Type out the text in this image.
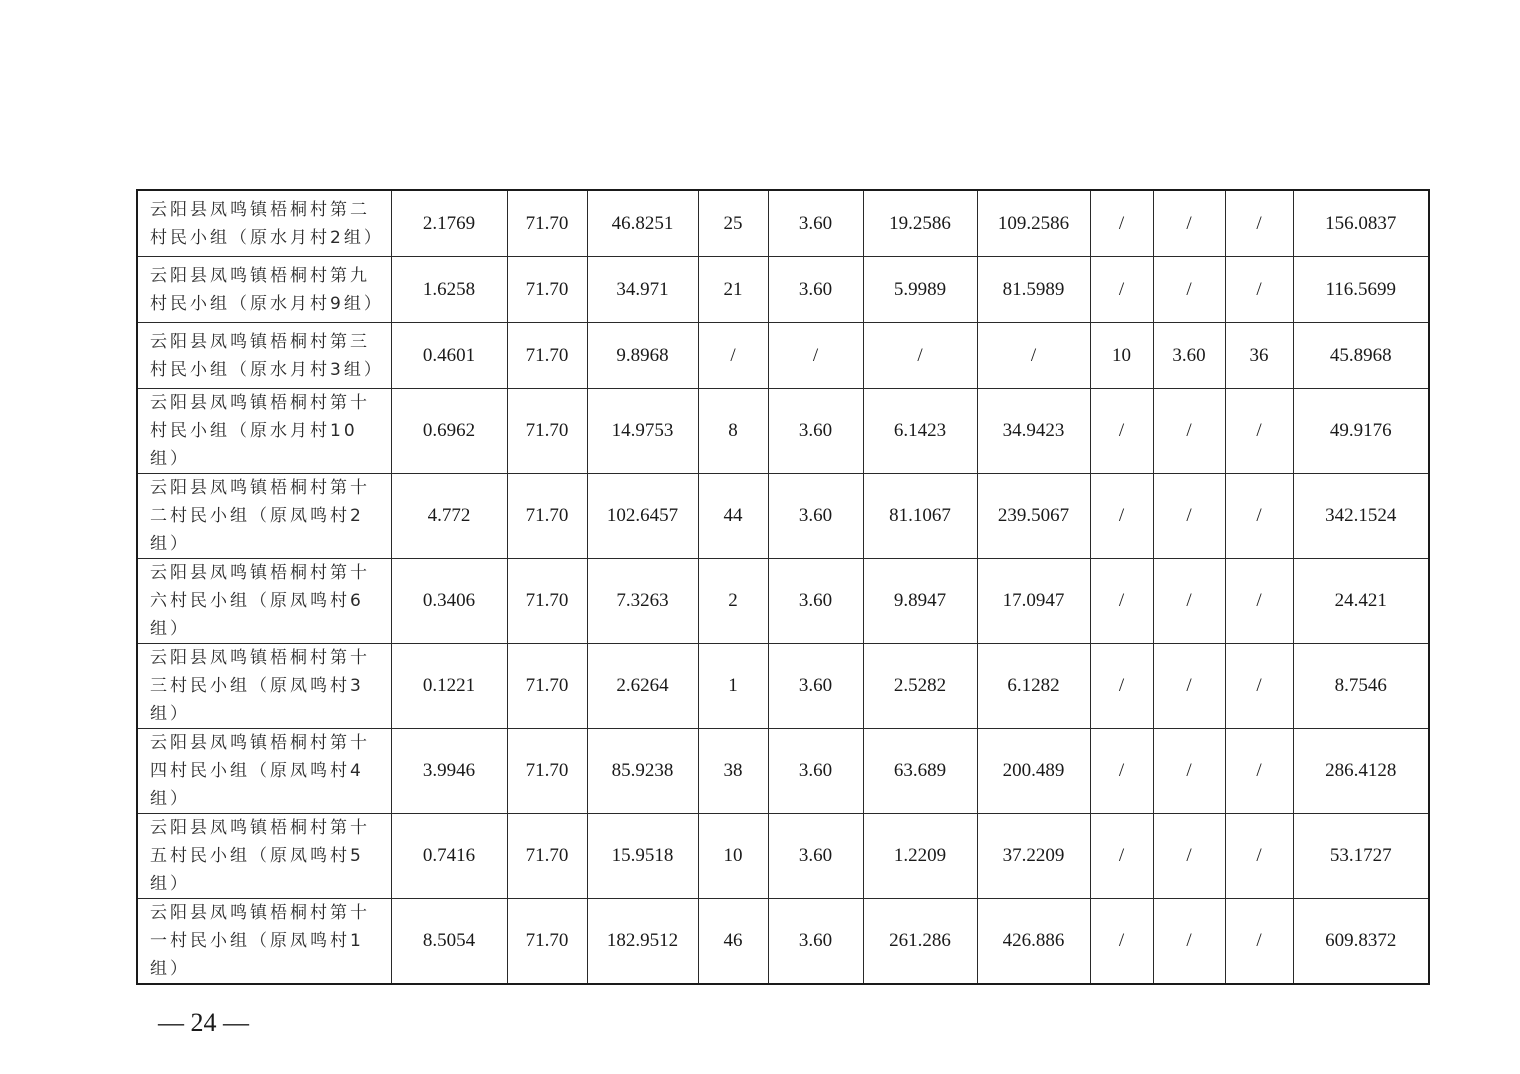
云阳县凤鸣镇梧桐村第二村民小组（原水月村2组）	2.1769	71.70	46.8251	25	3.60	19.2586	109.2586	/	/	/	156.0837
云阳县凤鸣镇梧桐村第九村民小组（原水月村9组）	1.6258	71.70	34.971	21	3.60	5.9989	81.5989	/	/	/	116.5699
云阳县凤鸣镇梧桐村第三村民小组（原水月村3组）	0.4601	71.70	9.8968	/	/	/	/	10	3.60	36	45.8968
云阳县凤鸣镇梧桐村第十村民小组（原水月村10组）	0.6962	71.70	14.9753	8	3.60	6.1423	34.9423	/	/	/	49.9176
云阳县凤鸣镇梧桐村第十二村民小组（原凤鸣村2组）	4.772	71.70	102.6457	44	3.60	81.1067	239.5067	/	/	/	342.1524
云阳县凤鸣镇梧桐村第十六村民小组（原凤鸣村6组）	0.3406	71.70	7.3263	2	3.60	9.8947	17.0947	/	/	/	24.421
云阳县凤鸣镇梧桐村第十三村民小组（原凤鸣村3组）	0.1221	71.70	2.6264	1	3.60	2.5282	6.1282	/	/	/	8.7546
云阳县凤鸣镇梧桐村第十四村民小组（原凤鸣村4组）	3.9946	71.70	85.9238	38	3.60	63.689	200.489	/	/	/	286.4128
云阳县凤鸣镇梧桐村第十五村民小组（原凤鸣村5组）	0.7416	71.70	15.9518	10	3.60	1.2209	37.2209	/	/	/	53.1727
云阳县凤鸣镇梧桐村第十一村民小组（原凤鸣村1组）	8.5054	71.70	182.9512	46	3.60	261.286	426.886	/	/	/	609.8372
— 24 —
